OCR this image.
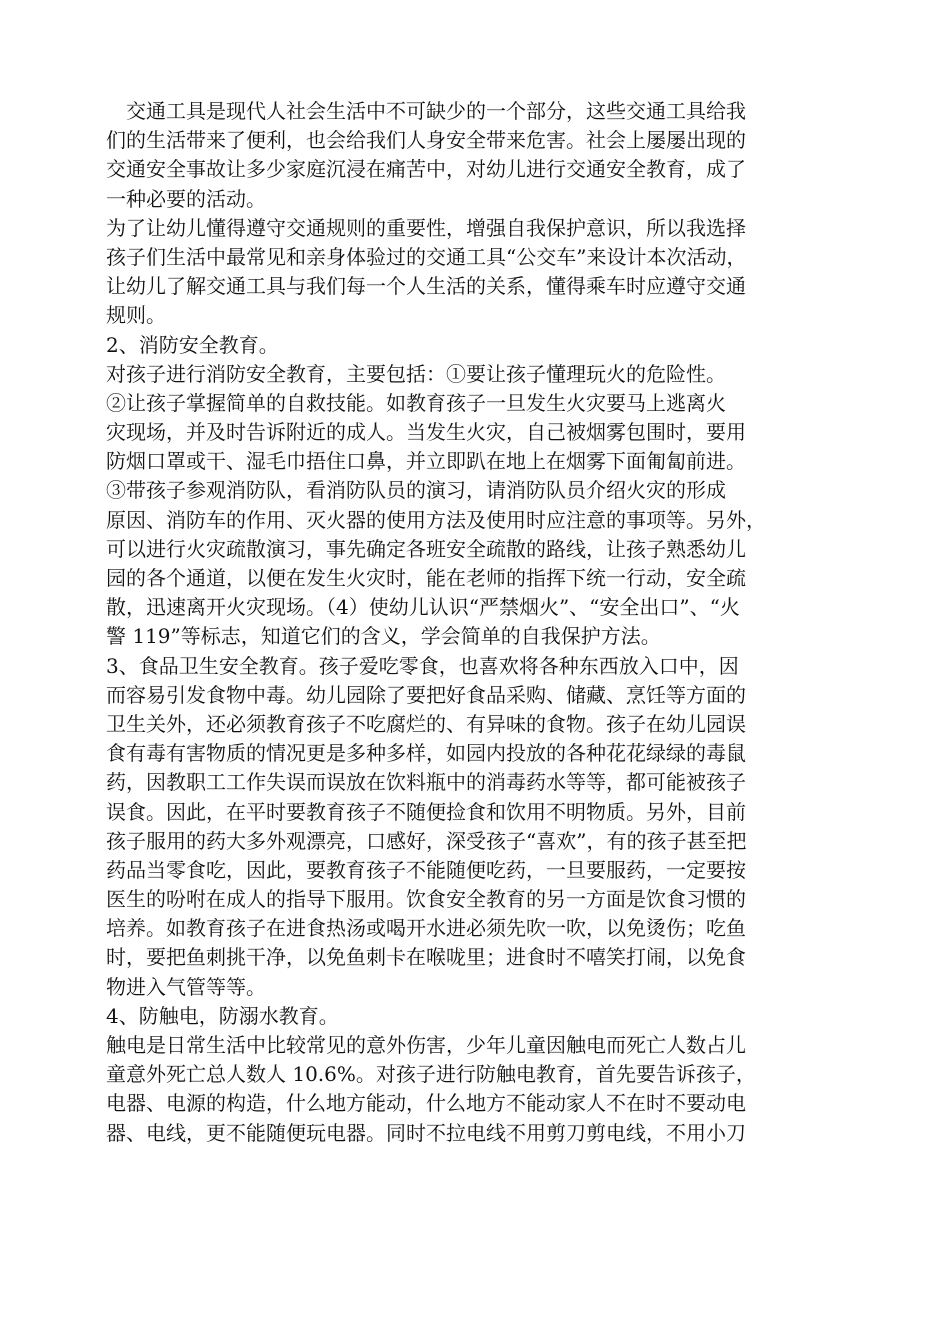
交通工具是现代人社会生活中不可缺少的一个部分，这些交通工具给我
们的生活带来了便利，也会给我们人身安全带来危害。社会上屡屡出现的
交通安全事故让多少家庭沉浸在痛苦中，对幼儿进行交通安全教育，成了
一种必要的活动。
为了让幼儿懂得遵守交通规则的重要性，增强自我保护意识，所以我选择
孩子们生活中最常见和亲身体验过的交通工具“公交车”来设计本次活动，
让幼儿了解交通工具与我们每一个人生活的关系，懂得乘车时应遵守交通
规则。
2、消防安全教育。
对孩子进行消防安全教育，主要包括：①要让孩子懂理玩火的危险性。
②让孩子掌握简单的自救技能。如教育孩子一旦发生火灾要马上逃离火
灾现场，并及时告诉附近的成人。当发生火灾，自己被烟雾包围时，要用
防烟口罩或干、湿毛巾捂住口鼻，并立即趴在地上在烟雾下面匍匐前进。
③带孩子参观消防队，看消防队员的演习，请消防队员介绍火灾的形成
原因、消防车的作用、灭火器的使用方法及使用时应注意的事项等。另外，
可以进行火灾疏散演习，事先确定各班安全疏散的路线，让孩子熟悉幼儿
园的各个通道，以便在发生火灾时，能在老师的指挥下统一行动，安全疏
散，迅速离开火灾现场。（4）使幼儿认识“严禁烟火”、“安全出口”、“火
警 119”等标志，知道它们的含义，学会简单的自我保护方法。
3、食品卫生安全教育。孩子爱吃零食，也喜欢将各种东西放入口中，因
而容易引发食物中毒。幼儿园除了要把好食品采购、储藏、烹饪等方面的
卫生关外，还必须教育孩子不吃腐烂的、有异味的食物。孩子在幼儿园误
食有毒有害物质的情况更是多种多样，如园内投放的各种花花绿绿的毒鼠
药，因教职工工作失误而误放在饮料瓶中的消毒药水等等，都可能被孩子
误食。因此，在平时要教育孩子不随便捡食和饮用不明物质。另外，目前
孩子服用的药大多外观漂亮，口感好，深受孩子“喜欢”，有的孩子甚至把
药品当零食吃，因此，要教育孩子不能随便吃药，一旦要服药，一定要按
医生的吩咐在成人的指导下服用。饮食安全教育的另一方面是饮食习惯的
培养。如教育孩子在进食热汤或喝开水进必须先吹一吹，以免烫伤；吃鱼
时，要把鱼刺挑干净，以免鱼刺卡在喉咙里；进食时不嘻笑打闹，以免食
物进入气管等等。
4、防触电，防溺水教育。
触电是日常生活中比较常见的意外伤害，少年儿童因触电而死亡人数占儿
童意外死亡总人数人 10.6%。对孩子进行防触电教育，首先要告诉孩子，
电器、电源的构造，什么地方能动，什么地方不能动家人不在时不要动电
器、电线，更不能随便玩电器。同时不拉电线不用剪刀剪电线，不用小刀
